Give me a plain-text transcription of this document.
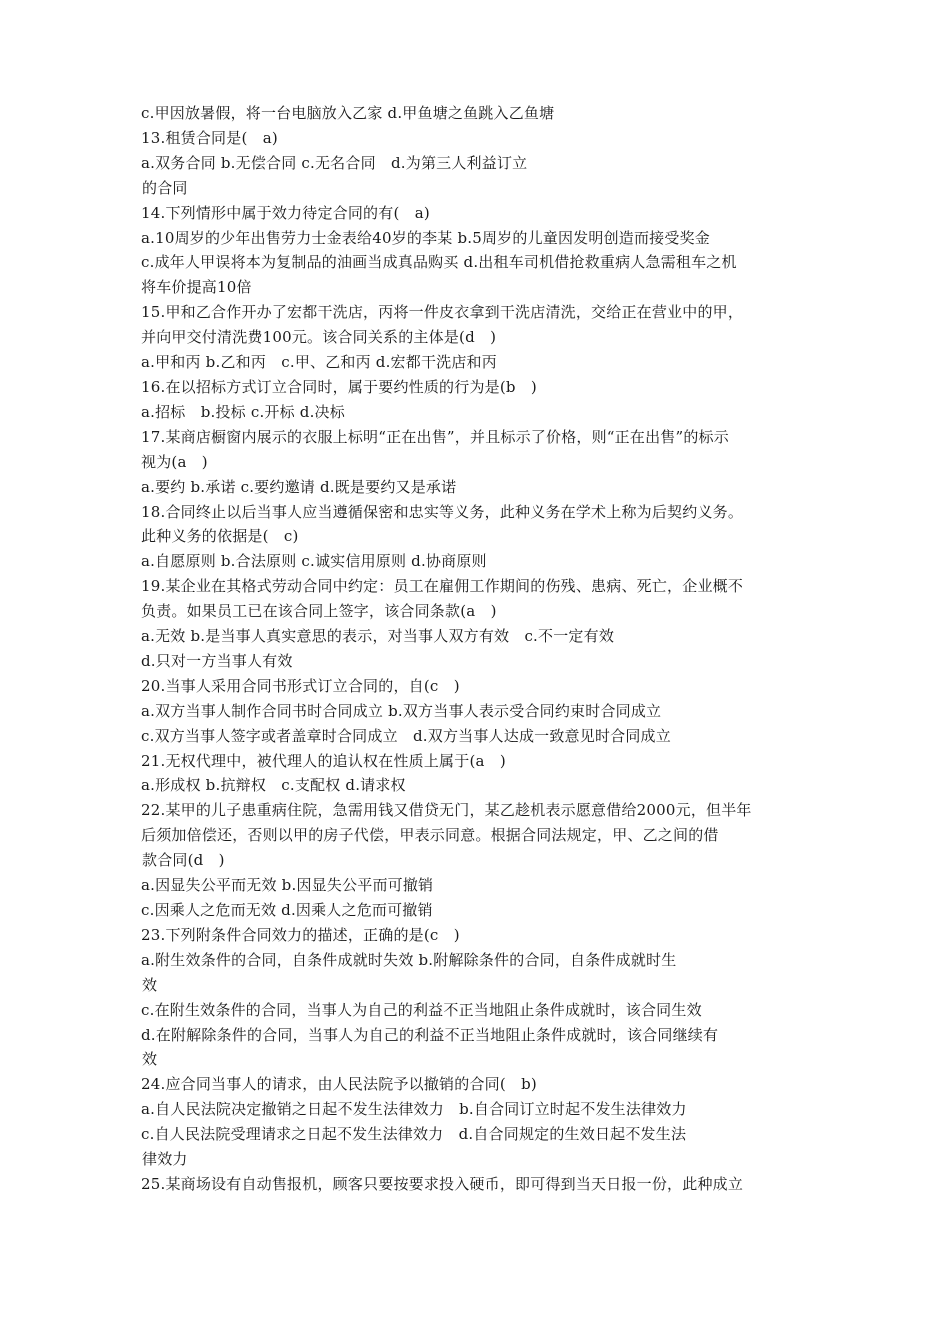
c.甲因放暑假，将一台电脑放入乙家 d.甲鱼塘之鱼跳入乙鱼塘
13.租赁合同是(　a)
a.双务合同 b.无偿合同 c.无名合同　d.为第三人利益订立
的合同
14.下列情形中属于效力待定合同的有(　a)
a.10周岁的少年出售劳力士金表给40岁的李某 b.5周岁的儿童因发明创造而接受奖金
c.成年人甲误将本为复制品的油画当成真品购买 d.出租车司机借抢救重病人急需租车之机
将车价提高10倍
15.甲和乙合作开办了宏都干洗店，丙将一件皮衣拿到干洗店清洗，交给正在营业中的甲，
并向甲交付清洗费100元。该合同关系的主体是(d　)
a.甲和丙 b.乙和丙　c.甲、乙和丙 d.宏都干洗店和丙
16.在以招标方式订立合同时，属于要约性质的行为是(b　)
a.招标　b.投标 c.开标 d.决标
17.某商店橱窗内展示的衣服上标明“正在出售”，并且标示了价格，则“正在出售”的标示
视为(a　)
a.要约 b.承诺 c.要约邀请 d.既是要约又是承诺
18.合同终止以后当事人应当遵循保密和忠实等义务，此种义务在学术上称为后契约义务。
此种义务的依据是(　c)
a.自愿原则 b.合法原则 c.诚实信用原则 d.协商原则
19.某企业在其格式劳动合同中约定：员工在雇佣工作期间的伤残、患病、死亡，企业概不
负责。如果员工已在该合同上签字，该合同条款(a　)
a.无效 b.是当事人真实意思的表示，对当事人双方有效　c.不一定有效
d.只对一方当事人有效
20.当事人采用合同书形式订立合同的，自(c　)
a.双方当事人制作合同书时合同成立 b.双方当事人表示受合同约束时合同成立
c.双方当事人签字或者盖章时合同成立　d.双方当事人达成一致意见时合同成立
21.无权代理中，被代理人的追认权在性质上属于(a　)
a.形成权 b.抗辩权　c.支配权 d.请求权
22.某甲的儿子患重病住院，急需用钱又借贷无门，某乙趁机表示愿意借给2000元，但半年
后须加倍偿还，否则以甲的房子代偿，甲表示同意。根据合同法规定，甲、乙之间的借
款合同(d　)
a.因显失公平而无效 b.因显失公平而可撤销
c.因乘人之危而无效 d.因乘人之危而可撤销
23.下列附条件合同效力的描述，正确的是(c　)
a.附生效条件的合同，自条件成就时失效 b.附解除条件的合同，自条件成就时生
效
c.在附生效条件的合同，当事人为自己的利益不正当地阻止条件成就时，该合同生效
d.在附解除条件的合同，当事人为自己的利益不正当地阻止条件成就时，该合同继续有
效
24.应合同当事人的请求，由人民法院予以撤销的合同(　b)
a.自人民法院决定撤销之日起不发生法律效力　b.自合同订立时起不发生法律效力
c.自人民法院受理请求之日起不发生法律效力　d.自合同规定的生效日起不发生法
律效力
25.某商场设有自动售报机，顾客只要按要求投入硬币，即可得到当天日报一份，此种成立
